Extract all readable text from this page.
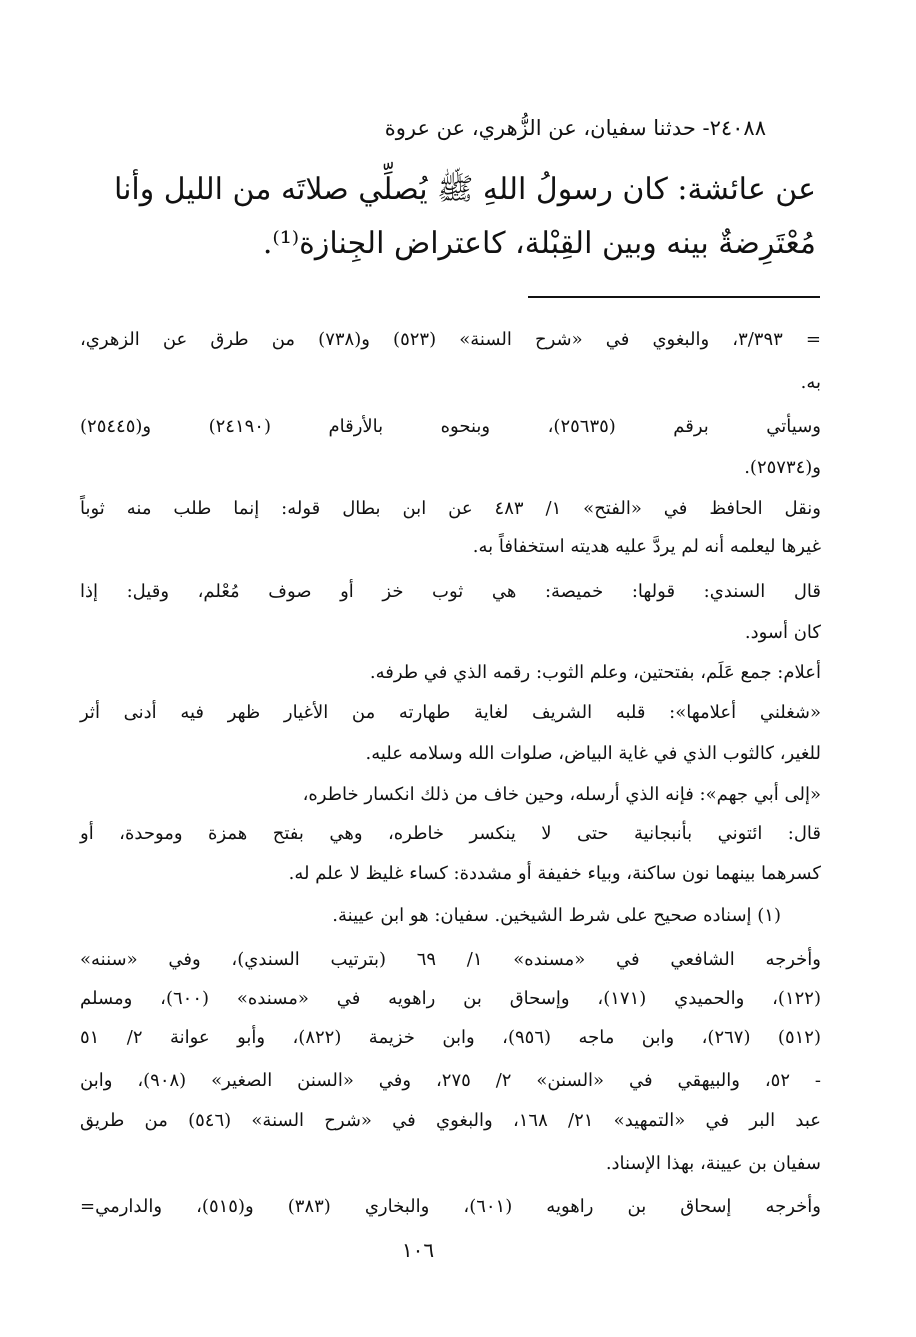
٢٤٠٨٨- حدثنا سفيان، عن الزُّهري، عن عروة
عن عائشة: كان رسولُ اللهِ ﷺ يُصلِّي صلاتَه من الليل وأنا
مُعْتَرِضةٌ بينه وبين القِبْلة، كاعتراض الجِنازة⁽¹⁾.
= ٣/٣٩٣، والبغوي في «شرح السنة» (٥٢٣) و(٧٣٨) من طرق عن الزهري،
به.
وسيأتي برقم (٢٥٦٣٥)، وبنحوه بالأرقام (٢٤١٩٠) و(٢٥٤٤٥)
و(٢٥٧٣٤).
ونقل الحافظ في «الفتح» ١/ ٤٨٣ عن ابن بطال قوله: إنما طلب منه ثوباً
غيرها ليعلمه أنه لم يردَّ عليه هديته استخفافاً به.
قال السندي: قولها: خميصة: هي ثوب خز أو صوف مُعْلم، وقيل: إذا
كان أسود.
أعلام: جمع عَلَم، بفتحتين، وعلم الثوب: رقمه الذي في طرفه.
«شغلني أعلامها»: قلبه الشريف لغاية طهارته من الأغيار ظهر فيه أدنى أثر
للغير، كالثوب الذي في غاية البياض، صلوات الله وسلامه عليه.
«إلى أبي جهم»: فإنه الذي أرسله، وحين خاف من ذلك انكسار خاطره،
قال: ائتوني بأنبجانية حتى لا ينكسر خاطره، وهي بفتح همزة وموحدة، أو
كسرهما بينهما نون ساكنة، وبياء خفيفة أو مشددة: كساء غليظ لا علم له.
(١) إسناده صحيح على شرط الشيخين. سفيان: هو ابن عيينة.
وأخرجه الشافعي في «مسنده» ١/ ٦٩ (بترتيب السندي)، وفي «سننه»
(١٢٢)، والحميدي (١٧١)، وإسحاق بن راهويه في «مسنده» (٦٠٠)، ومسلم
(٥١٢) (٢٦٧)، وابن ماجه (٩٥٦)، وابن خزيمة (٨٢٢)، وأبو عوانة ٢/ ٥١
- ٥٢، والبيهقي في «السنن» ٢/ ٢٧٥، وفي «السنن الصغير» (٩٠٨)، وابن
عبد البر في «التمهيد» ٢١/ ١٦٨، والبغوي في «شرح السنة» (٥٤٦) من طريق
سفيان بن عيينة، بهذا الإسناد.
وأخرجه إسحاق بن راهويه (٦٠١)، والبخاري (٣٨٣) و(٥١٥)، والدارمي=
١٠٦
